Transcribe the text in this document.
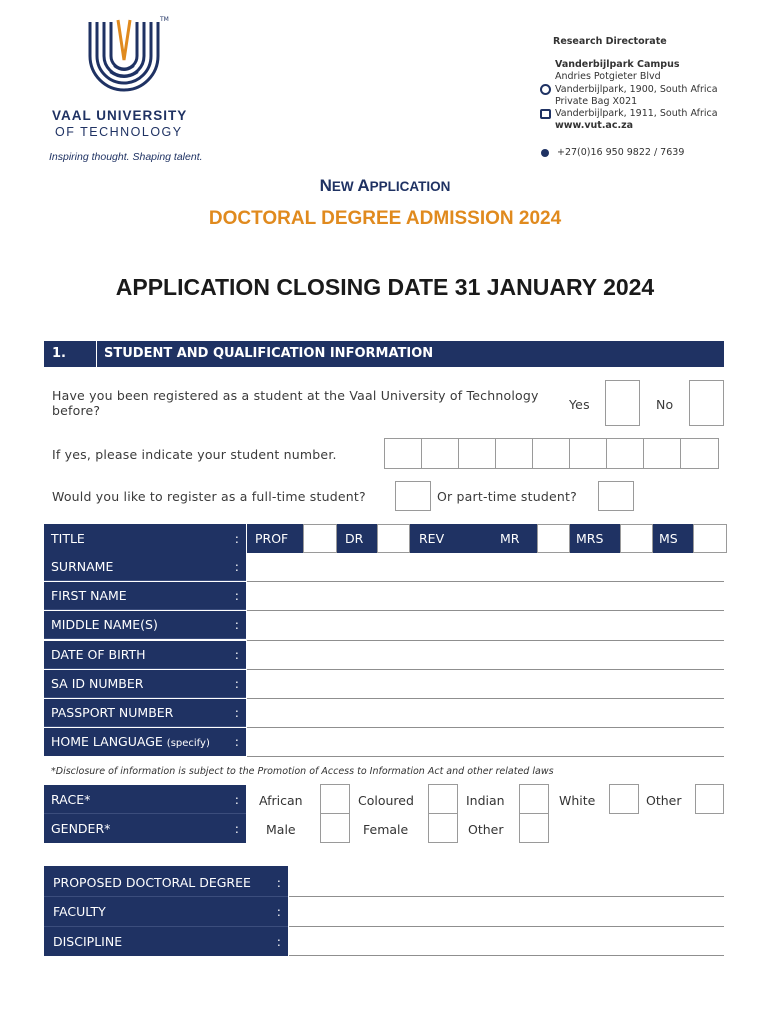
TM
VAAL UNIVERSITY
OF TECHNOLOGY
Inspiring thought. Shaping talent.
Research Directorate
Vanderbijlpark Campus
Andries Potgieter Blvd
Vanderbijlpark, 1900, South Africa
Private Bag X021
Vanderbijlpark, 1911, South Africa
www.vut.ac.za
+27(0)16 950 9822 / 7639
NEW APPLICATION
DOCTORAL DEGREE ADMISSION 2024
APPLICATION CLOSING DATE 31 JANUARY 2024
1.	STUDENT AND QUALIFICATION INFORMATION
Have you been registered as a student at the Vaal University of Technology before?	Yes	No
If yes, please indicate your student number.
Would you like to register as a full-time student?	Or part-time student?
TITLE	:	PROF	DR	REV	MR	MRS	MS
SURNAME	:
FIRST NAME	:
MIDDLE NAME(S)	:
DATE OF BIRTH	:
SA ID NUMBER	:
PASSPORT NUMBER	:
HOME LANGUAGE (specify) :
*Disclosure of information is subject to the Promotion of Access to Information Act and other related laws
RACE*	: African	Coloured	Indian	White	Other
GENDER*	: Male	Female	Other
PROPOSED DOCTORAL DEGREE :
FACULTY	:
DISCIPLINE	:
